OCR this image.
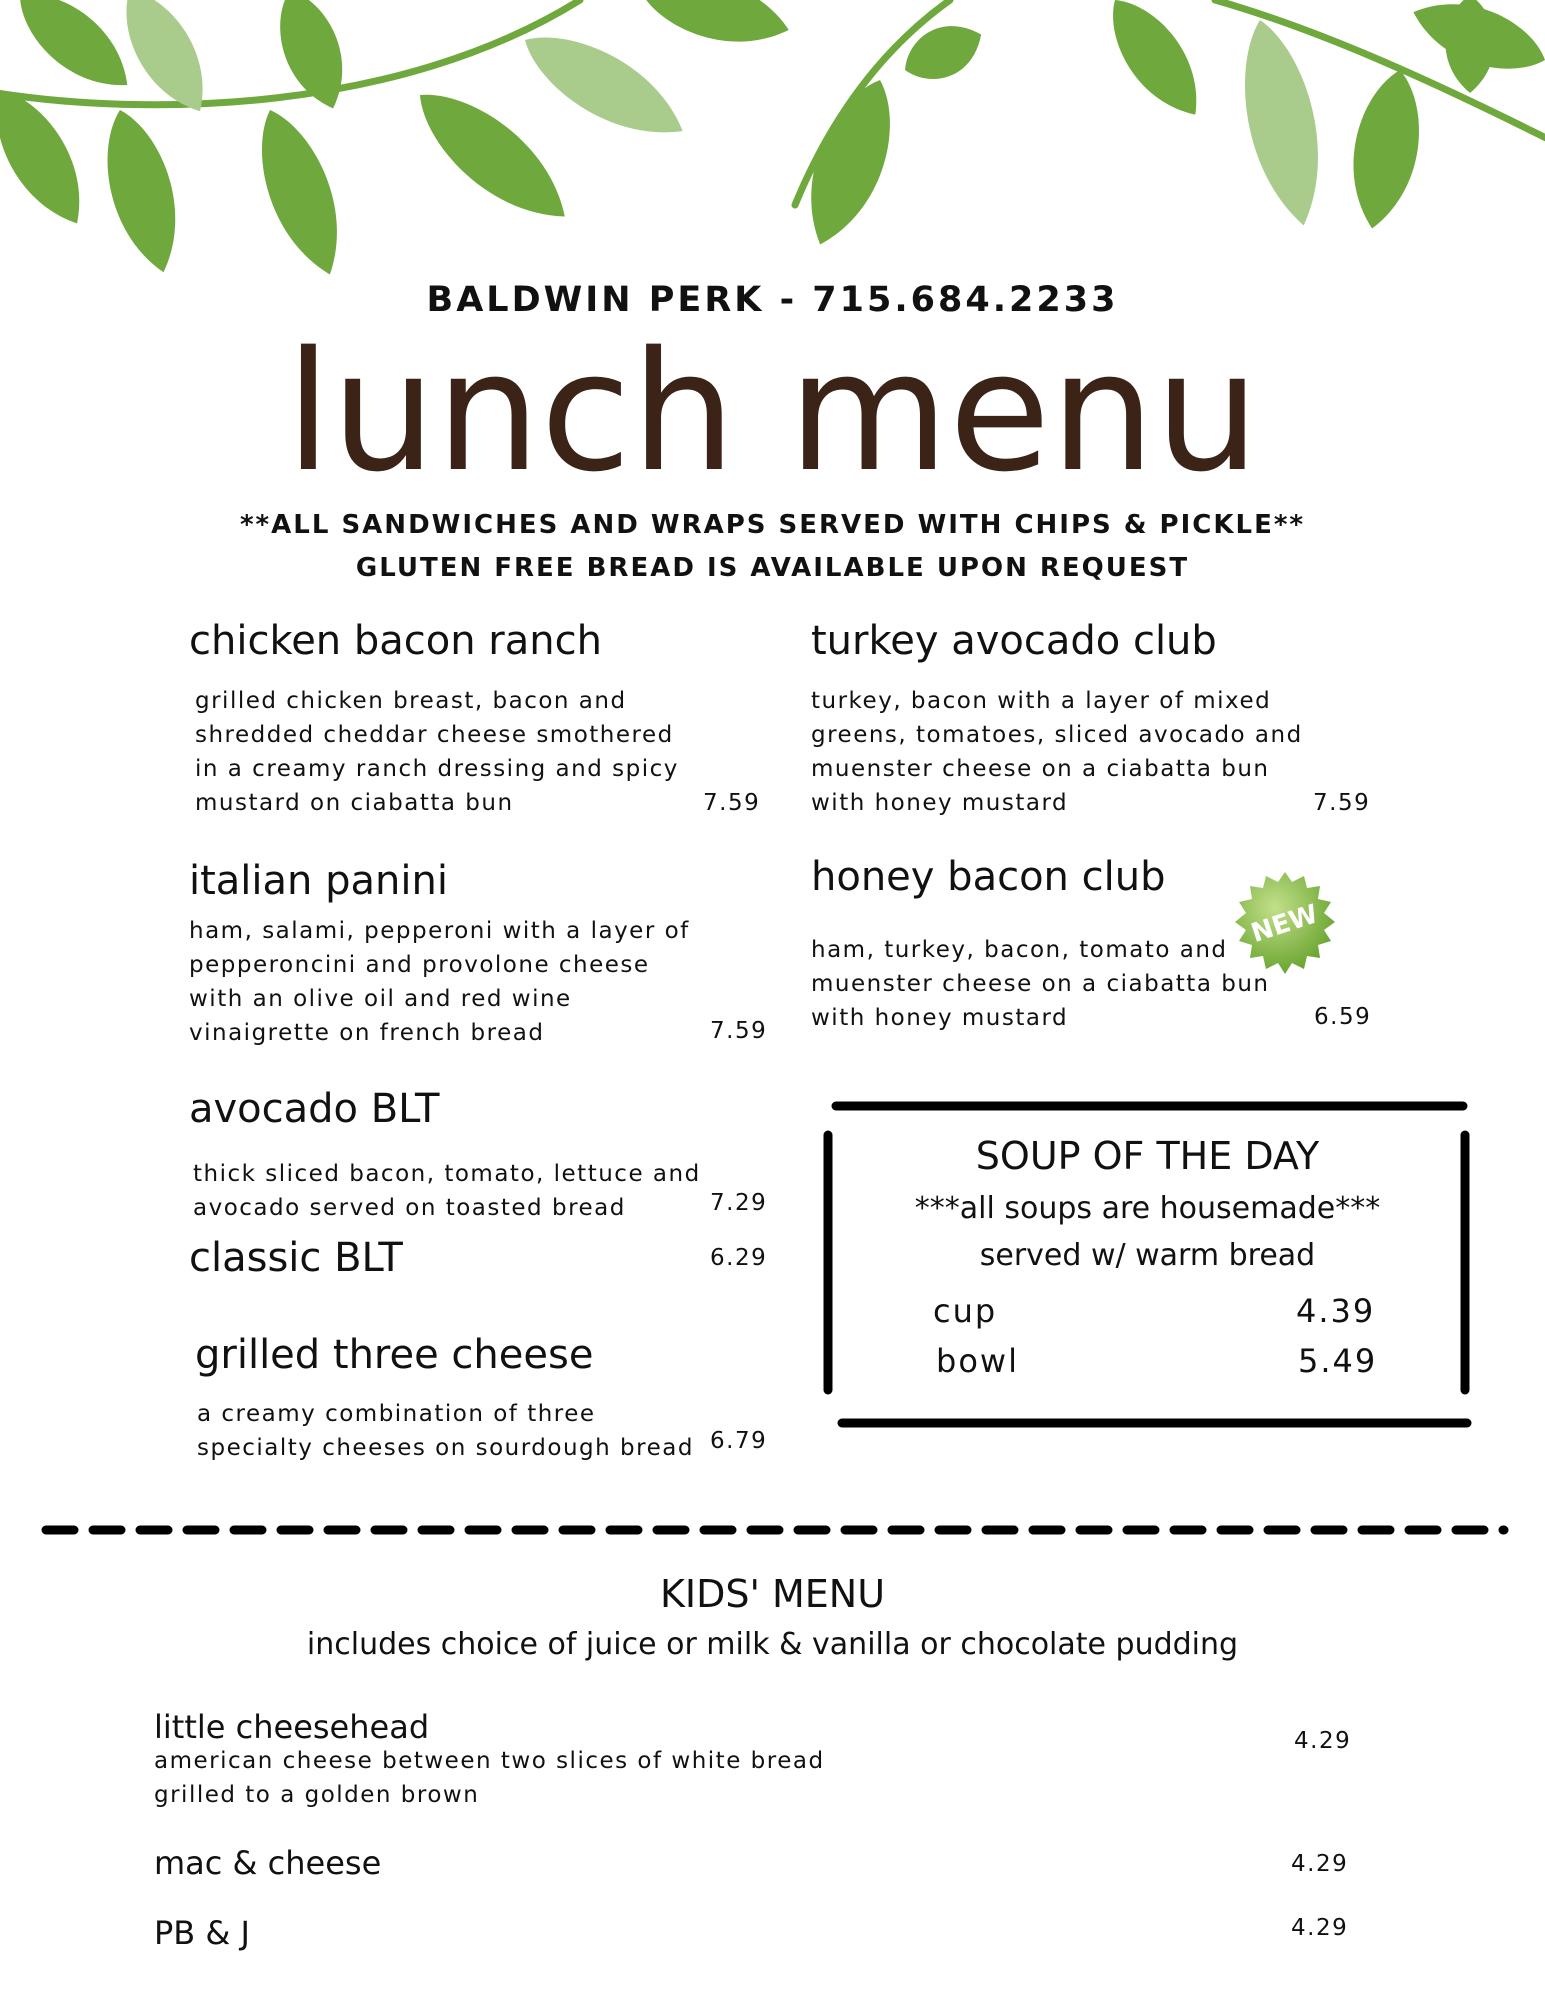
BALDWIN PERK - 715.684.2233
lunch menu
**ALL SANDWICHES AND WRAPS SERVED WITH CHIPS & PICKLE**
GLUTEN FREE BREAD IS AVAILABLE UPON REQUEST
chicken bacon ranch
grilled chicken breast, bacon and
shredded cheddar cheese smothered
in a creamy ranch dressing and spicy
mustard on ciabatta bun	7.59
italian panini
ham, salami, pepperoni with a layer of
pepperoncini and provolone cheese
with an olive oil and red wine
vinaigrette on french bread	7.59
avocado BLT
thick sliced bacon, tomato, lettuce and
avocado served on toasted bread	7.29
classic BLT	6.29
grilled three cheese
a creamy combination of three
specialty cheeses on sourdough bread 6.79
turkey avocado club
turkey, bacon with a layer of mixed
greens, tomatoes, sliced avocado and
muenster cheese on a ciabatta bun
with honey mustard	7.59
honey bacon club
NEW
ham, turkey, bacon, tomato and
muenster cheese on a ciabatta bun
with honey mustard	6.59
SOUP OF THE DAY
***all soups are housemade***
served w/ warm bread
cup	4.39
bowl	5.49
KIDS' MENU
includes choice of juice or milk & vanilla or chocolate pudding
little cheesehead
american cheese between two slices of white bread
grilled to a golden brown
4.29
mac & cheese	4.29
PB & J	4.29
